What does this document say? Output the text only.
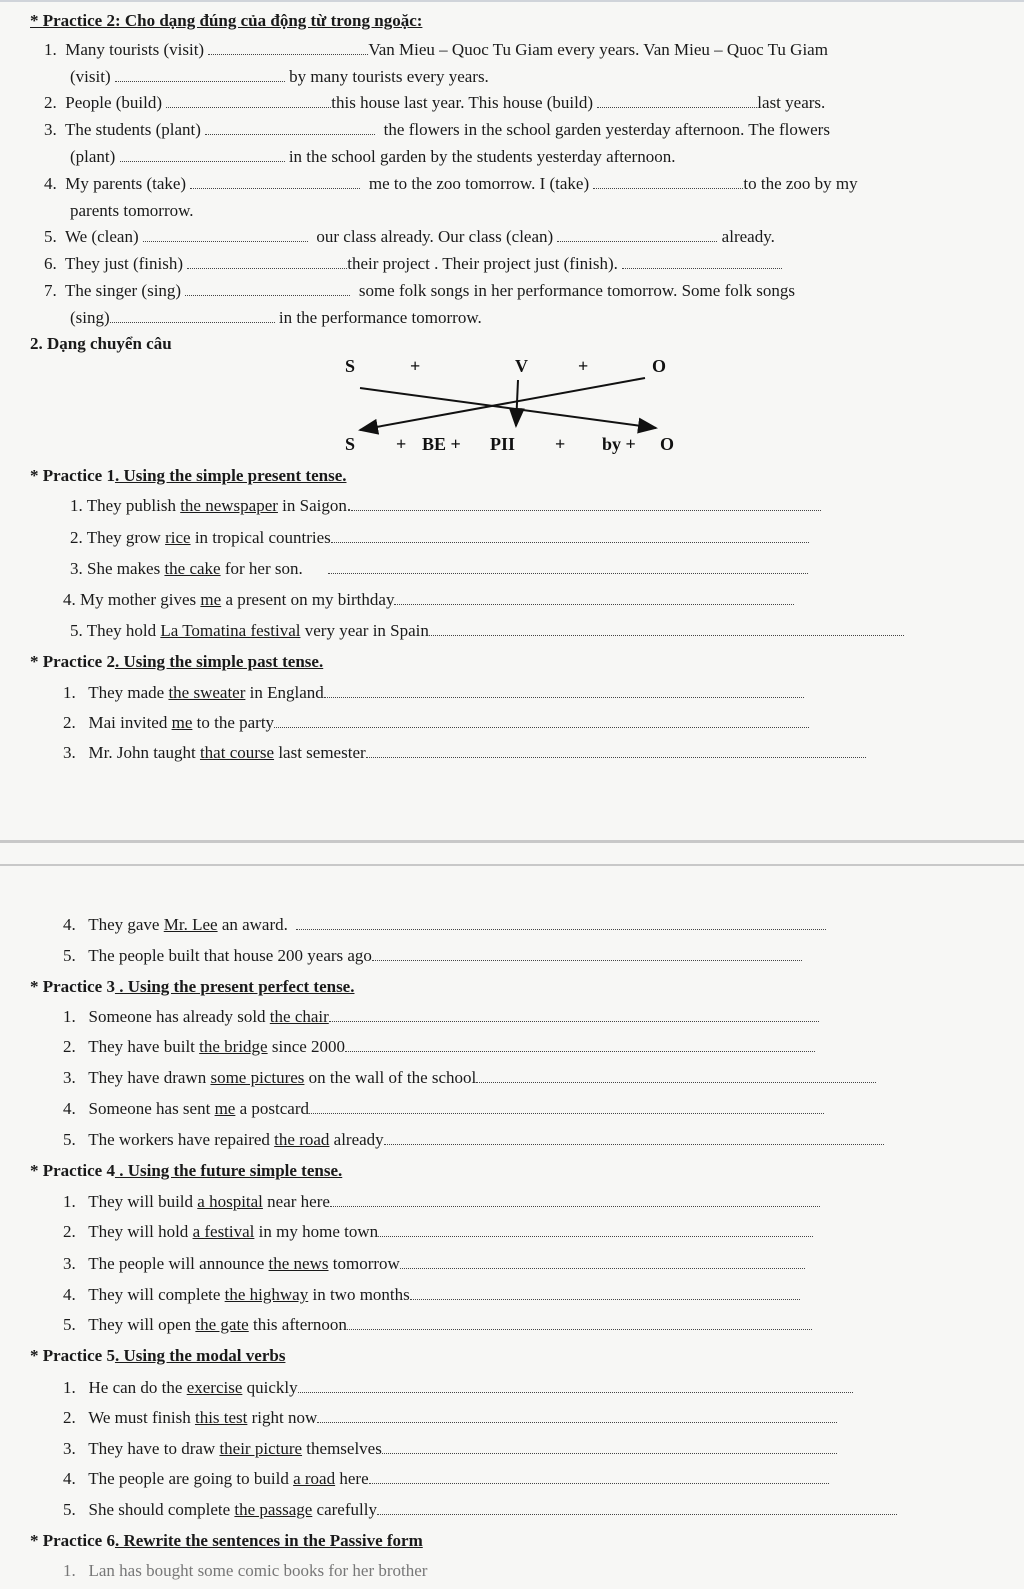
* Practice 2: Cho dạng đúng của động từ trong ngoặc:
1. Many tourists (visit)	Van Mieu – Quoc Tu Giam every years. Van Mieu – Quoc Tu Giam
(visit)	by many tourists every years.
2. People (build)	this house last year. This house (build)	last years.
3. The students (plant)	the flowers in the school garden yesterday afternoon. The flowers
(plant)	in the school garden by the students yesterday afternoon.
4. My parents (take)	me to the zoo tomorrow. I (take)	to the zoo by my
parents tomorrow.
5. We (clean)	our class already. Our class (clean)	already.
6. They just (finish)	their project . Their project just (finish).
7. The singer (sing)	some folk songs in her performance tomorrow. Some folk songs
(sing)	in the performance tomorrow.
2. Dạng chuyển câu
S	+	V	+	O
S + BE + PII + by + O
* Practice 1. Using the simple present tense.
1. They publish the newspaper in Saigon.
2. They grow rice in tropical countries
3. She makes the cake for her son.
4. My mother gives me a present on my birthday
5. They hold La Tomatina festival very year in Spain
* Practice 2. Using the simple past tense.
1. They made the sweater in England
2. Mai invited me to the party
3. Mr. John taught that course last semester
4. They gave Mr. Lee an award.
5. The people built that house 200 years ago
* Practice 3 . Using the present perfect tense.
1. Someone has already sold the chair
2. They have built the bridge since 2000
3. They have drawn some pictures on the wall of the school
4. Someone has sent me a postcard
5. The workers have repaired the road already
* Practice 4 . Using the future simple tense.
1. They will build a hospital near here
2. They will hold a festival in my home town
3. The people will announce the news tomorrow
4. They will complete the highway in two months
5. They will open the gate this afternoon
* Practice 5. Using the modal verbs
1. He can do the exercise quickly
2. We must finish this test right now
3. They have to draw their picture themselves
4. The people are going to build a road here
5. She should complete the passage carefully
* Practice 6. Rewrite the sentences in the Passive form
1. Lan has bought some comic books for her brother
